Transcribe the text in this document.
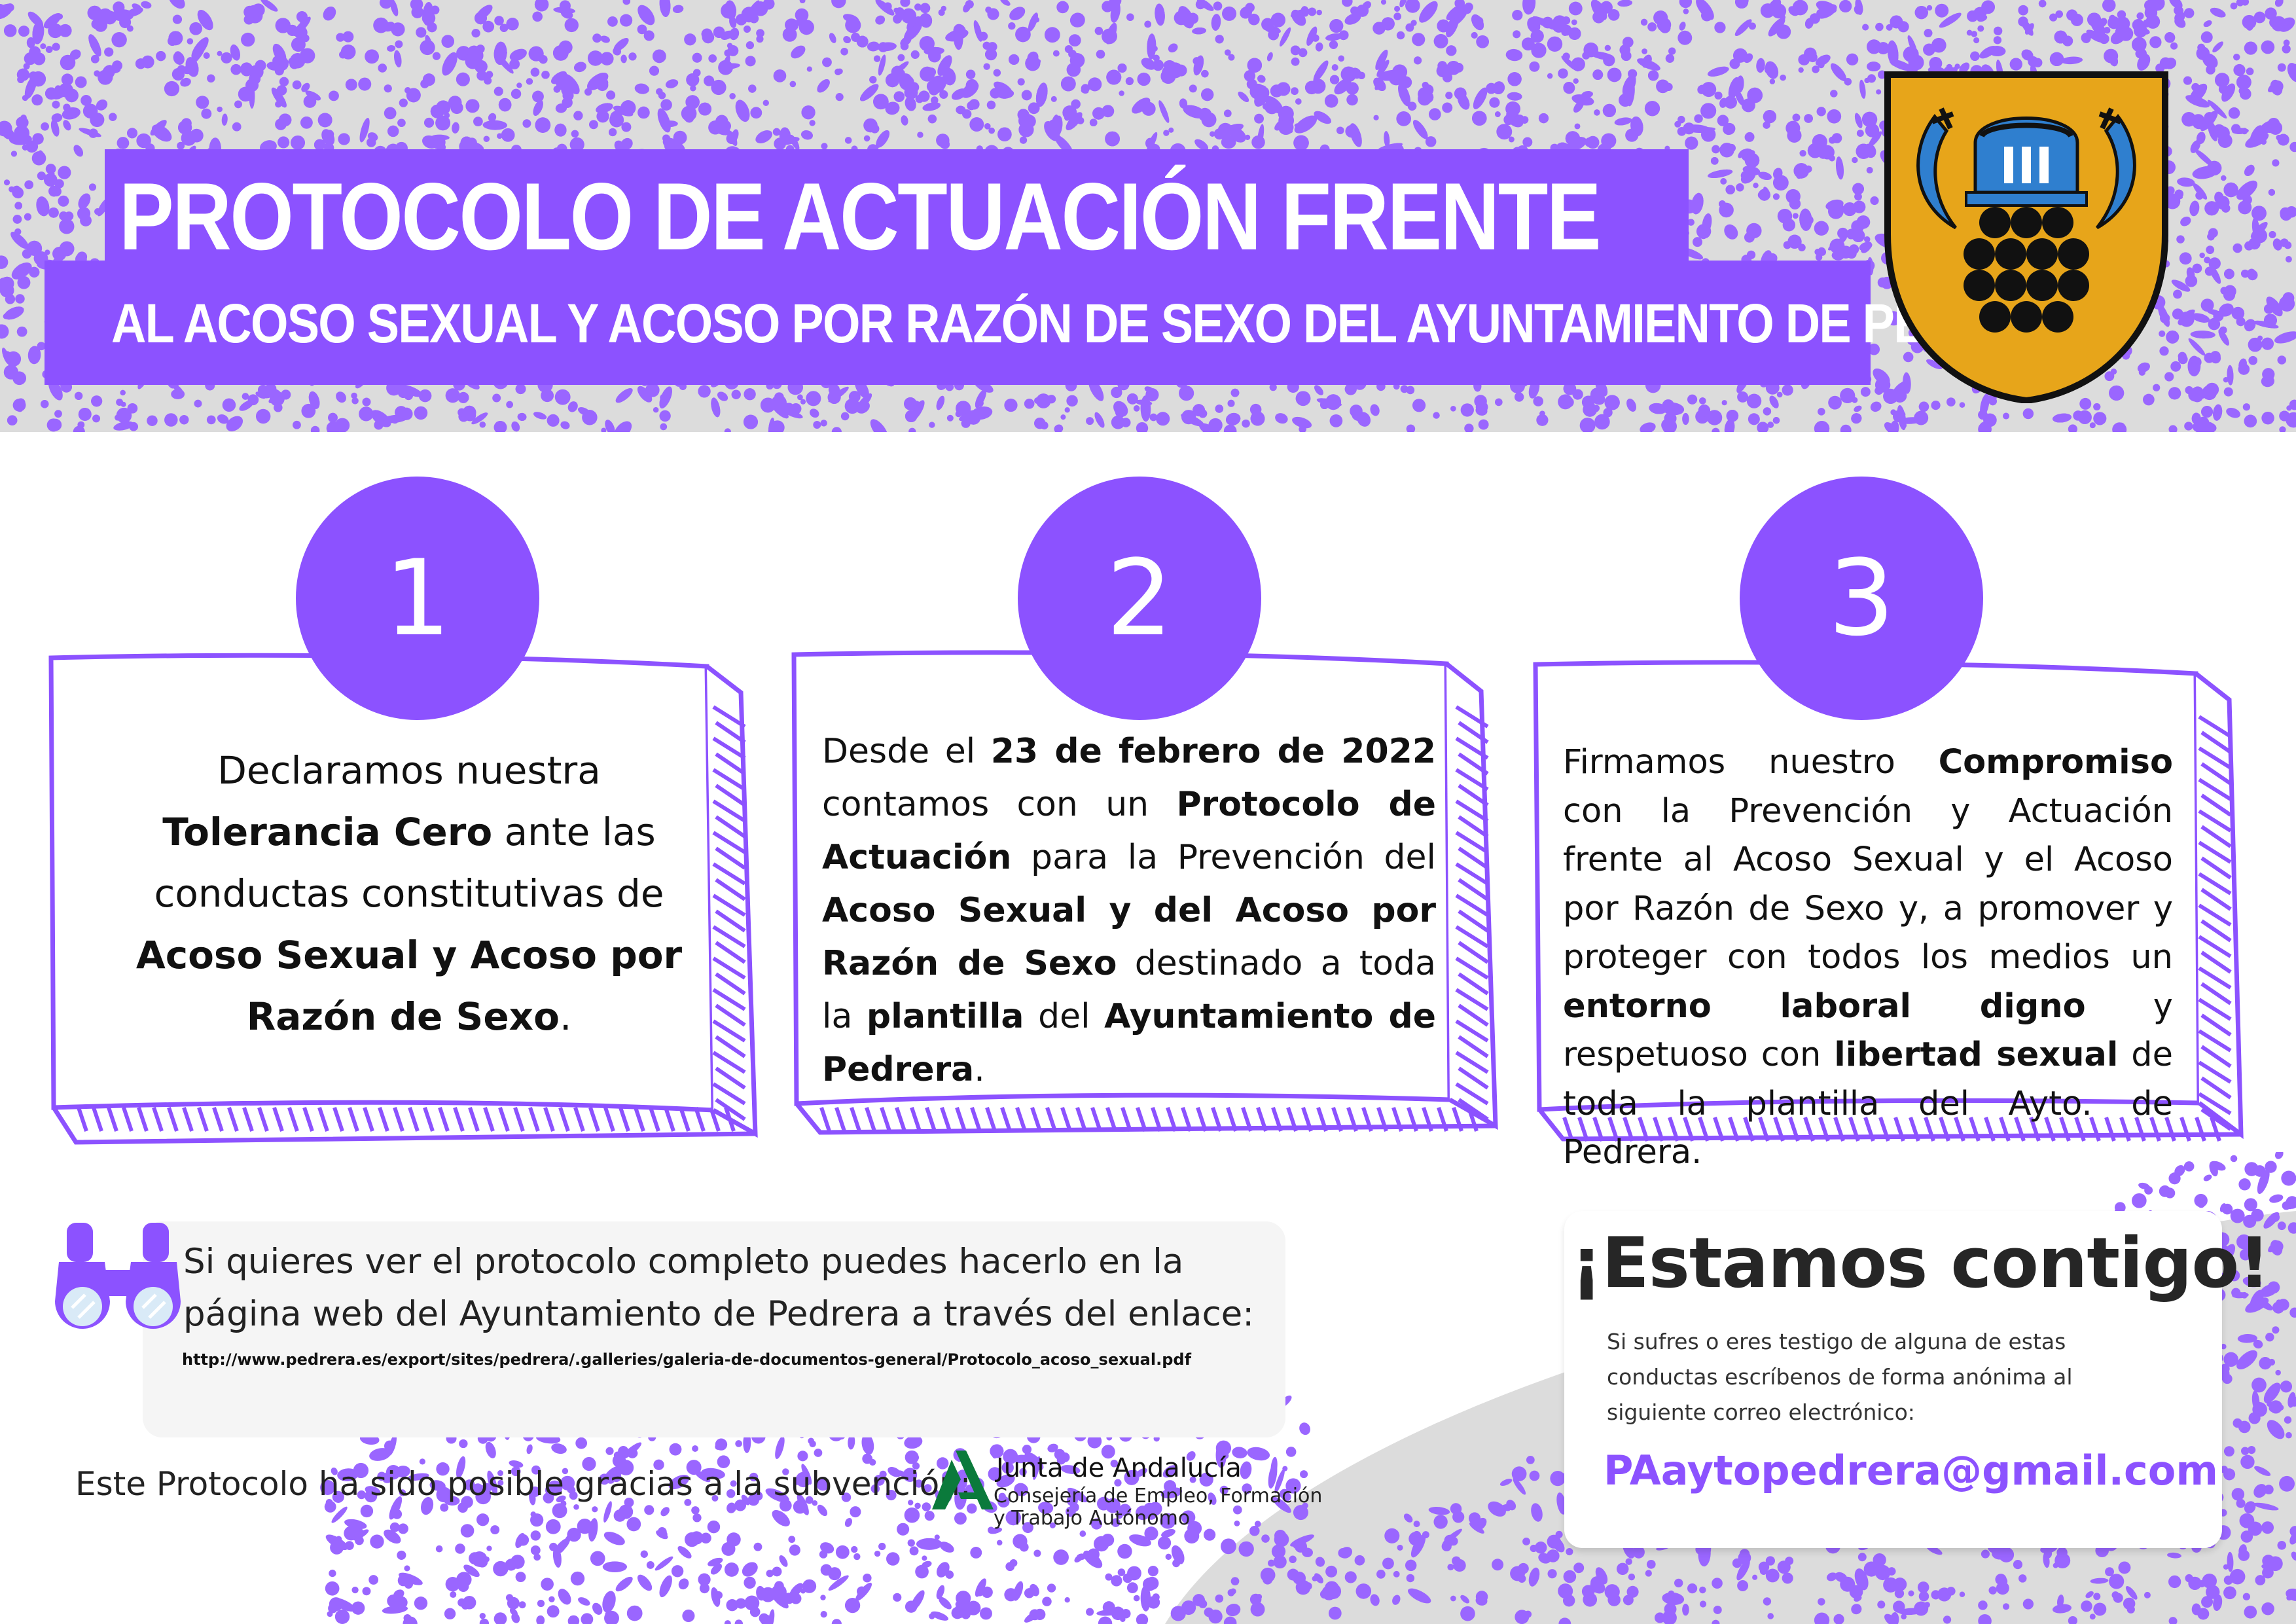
PROTOCOLO DE ACTUACIÓN FRENTE
AL ACOSO SEXUAL Y ACOSO POR RAZÓN DE SEXO DEL AYUNTAMIENTO DE PEDRERA
1	2	3
Declaramos nuestra
Tolerancia Cero ante las conductas constitutivas de Acoso Sexual y Acoso por Razón de Sexo.
Desde el 23 de febrero de 2022 contamos con un Protocolo de Actuación para la Prevención del Acoso Sexual y del Acoso por Razón de Sexo destinado a toda la plantilla del Ayuntamiento de Pedrera.
Firmamos nuestro Compromiso con la Prevención y Actuación frente al Acoso Sexual y el Acoso por Razón de Sexo y, a promover y proteger con todos los medios un entorno laboral digno y respetuoso con libertad sexual de toda la plantilla del Ayto. de Pedrera.
Si quieres ver el protocolo completo puedes hacerlo en la página web del Ayuntamiento de Pedrera a través del enlace:
http://www.pedrera.es/export/sites/pedrera/.galleries/galeria-de-documentos-general/Protocolo_acoso_sexual.pdf
Este Protocolo ha sido posible gracias a la subvención: Junta de Andalucía
Consejería de Empleo, Formación
y Trabajo Autónomo
¡Estamos contigo!
Si sufres o eres testigo de alguna de estas conductas escríbenos de forma anónima al siguiente correo electrónico:
PAaytopedrera@gmail.com
